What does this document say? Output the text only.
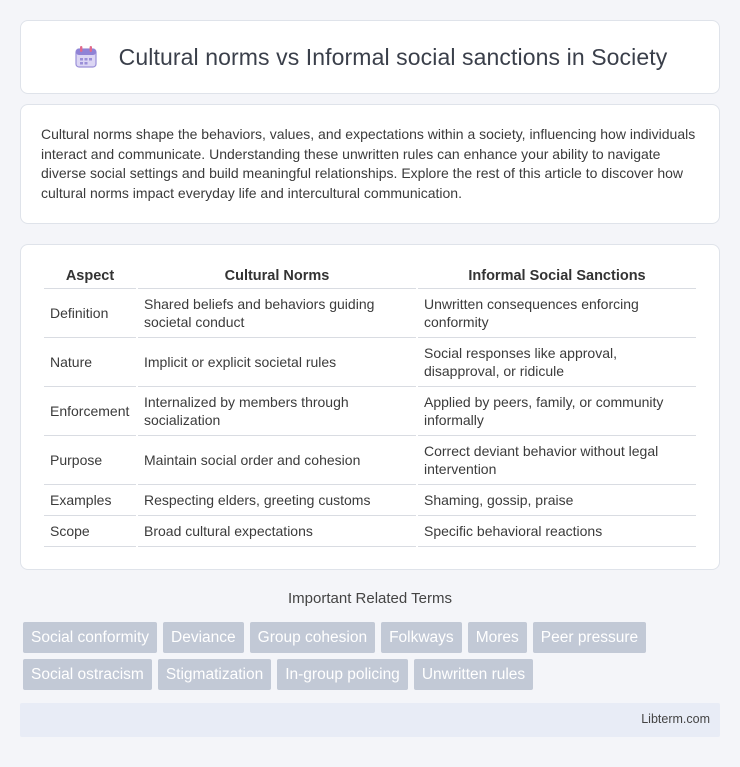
Cultural norms vs Informal social sanctions in Society

Cultural norms shape the behaviors, values, and expectations within a society, influencing how individuals interact and communicate. Understanding these unwritten rules can enhance your ability to navigate diverse social settings and build meaningful relationships. Explore the rest of this article to discover how cultural norms impact everyday life and intercultural communication.

Aspect	Cultural Norms	Informal Social Sanctions
Definition	Shared beliefs and behaviors guiding societal conduct	Unwritten consequences enforcing conformity
Nature	Implicit or explicit societal rules	Social responses like approval, disapproval, or ridicule
Enforcement	Internalized by members through socialization	Applied by peers, family, or community informally
Purpose	Maintain social order and cohesion	Correct deviant behavior without legal intervention
Examples	Respecting elders, greeting customs	Shaming, gossip, praise
Scope	Broad cultural expectations	Specific behavioral reactions
Important Related Terms
Social conformity	Deviance	Group cohesion	Folkways	Mores	Peer pressure
Social ostracism	Stigmatization	In-group policing	Unwritten rules
Libterm.com
